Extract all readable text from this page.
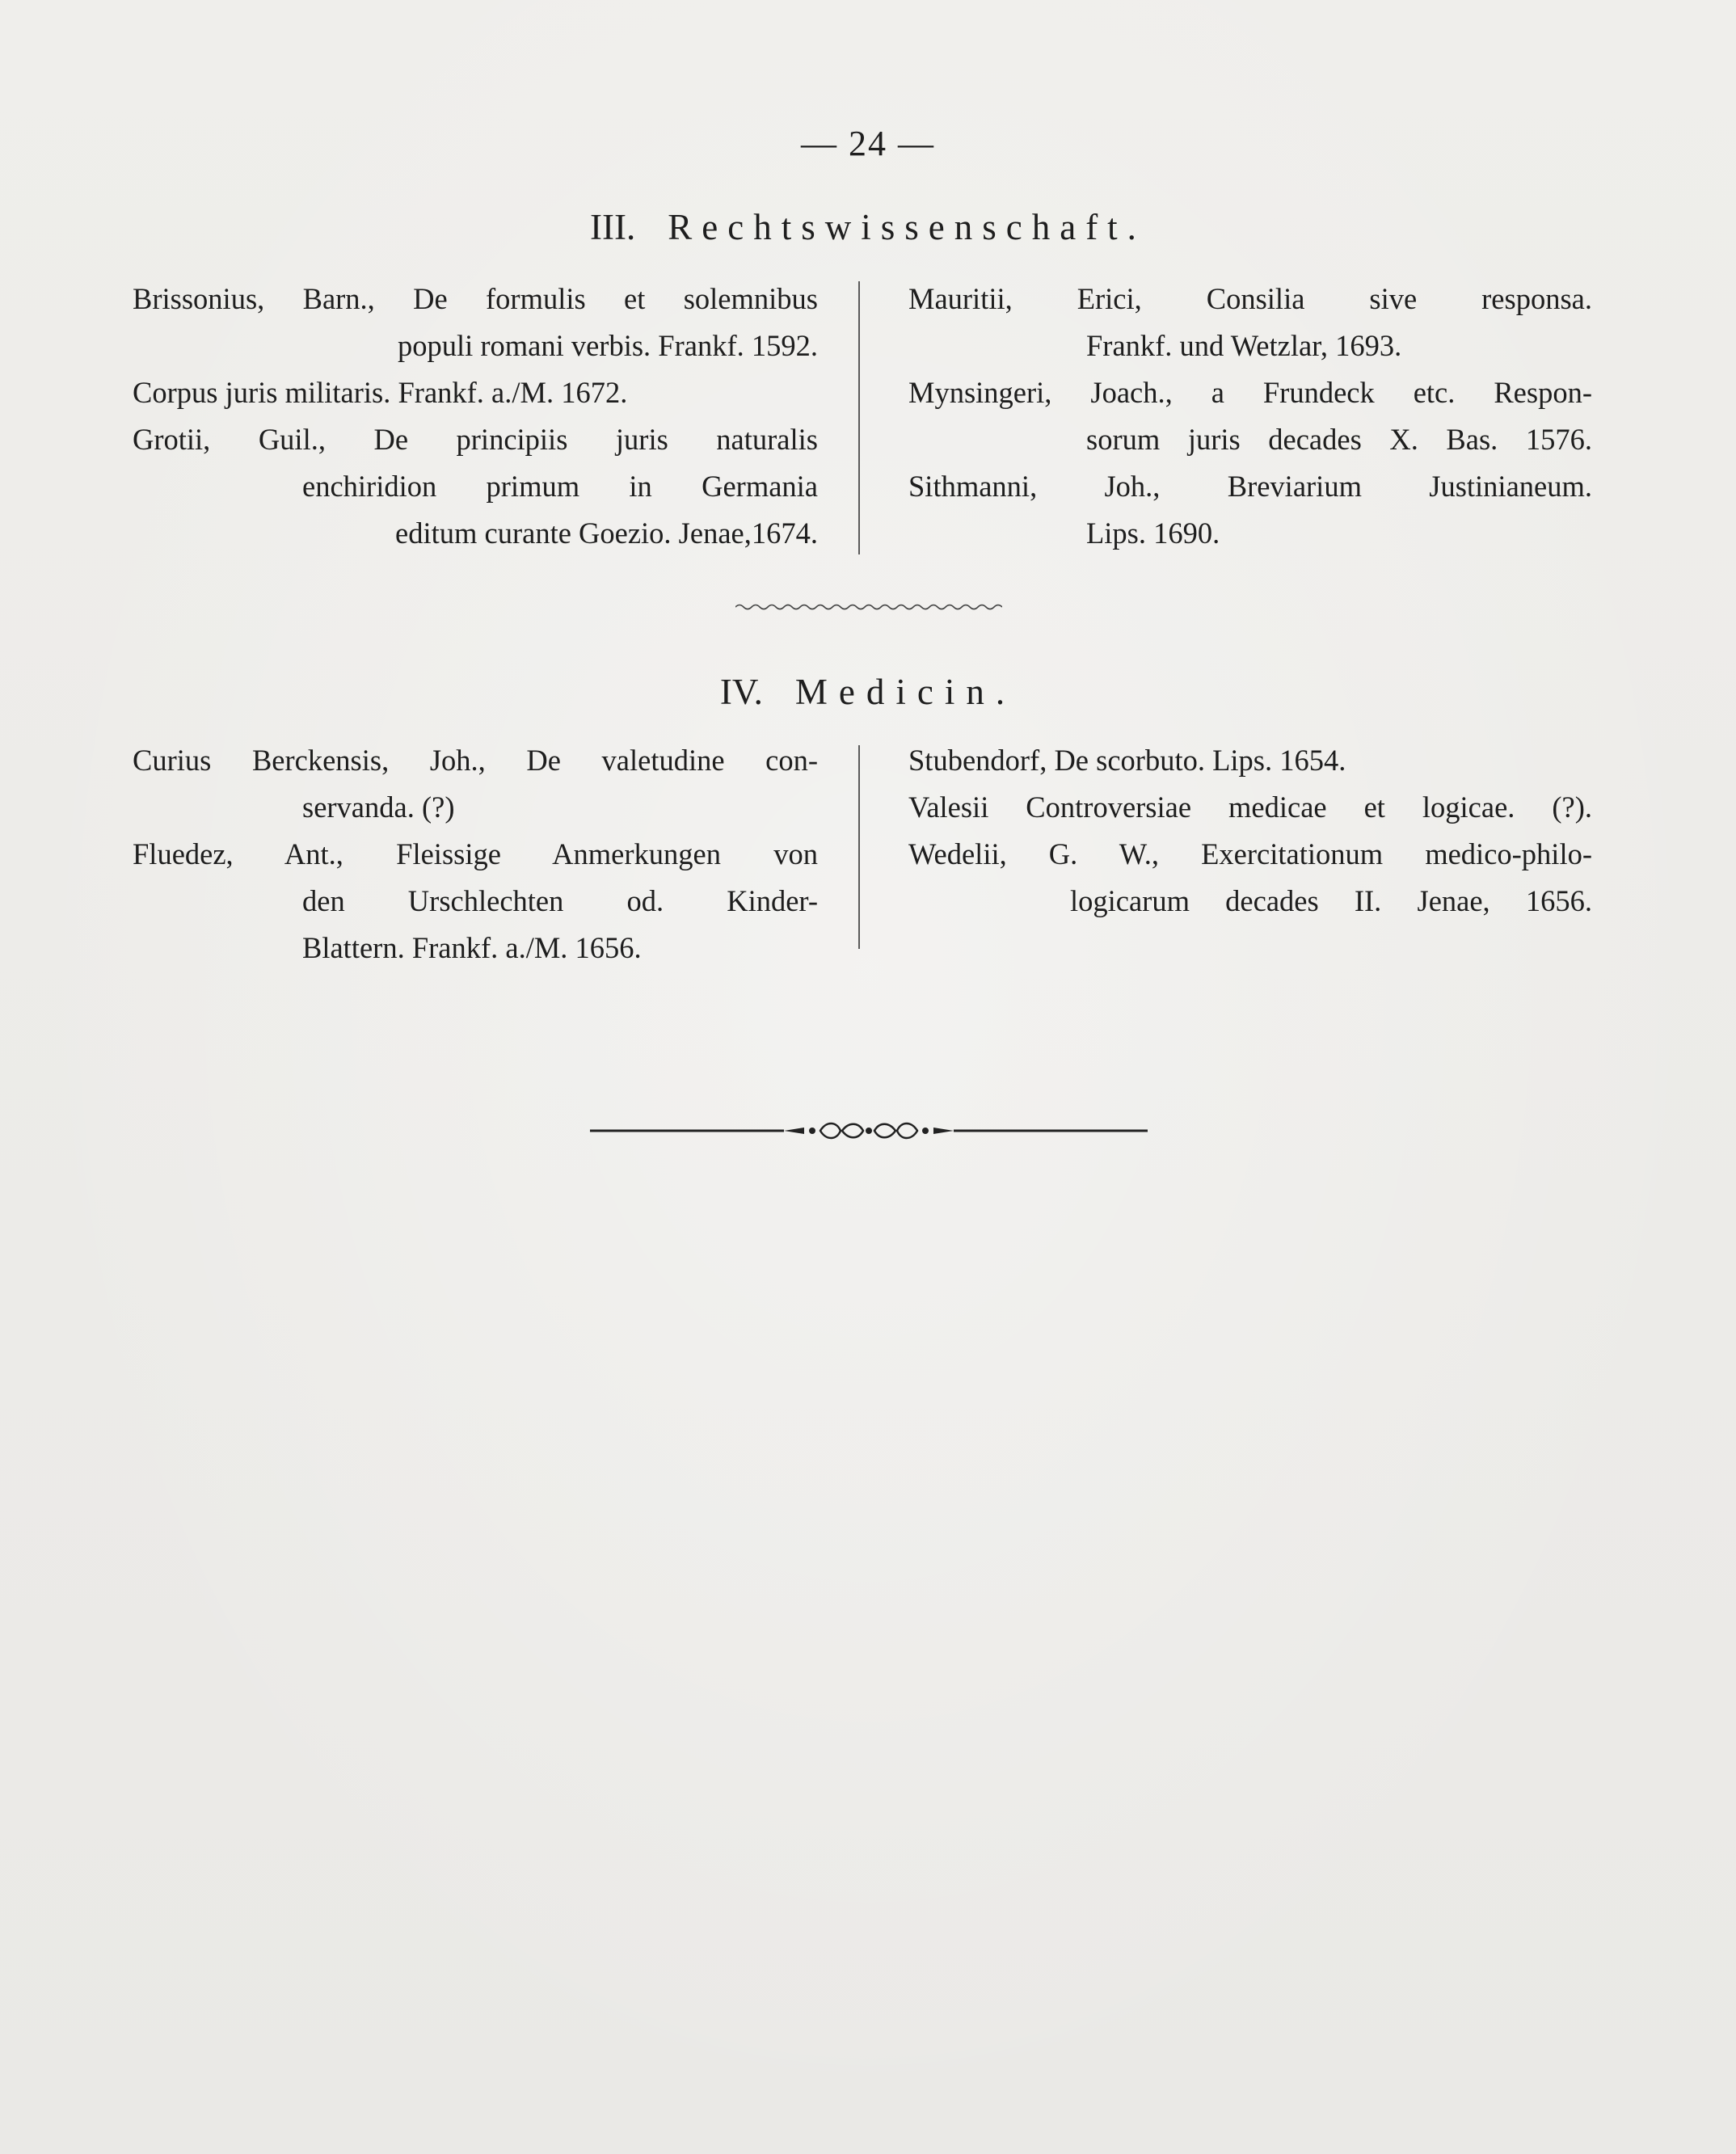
— 24 —
III. Rechtswissenschaft.

Brissonius, Barn., De formulis et solemnibus
populi romani verbis. Frankf. 1592.

Corpus juris militaris. Frankf. a./M. 1672.

Grotii, Guil., De principiis juris naturalis
enchiridion primum in Germania
editum curante Goezio. Jenae,1674.

Mauritii, Erici, Consilia sive responsa.
Frankf. und Wetzlar, 1693.

Mynsingeri, Joach., a Frundeck etc. Respon-
sorum juris decades X. Bas. 1576.

Sithmanni, Joh., Breviarium Justinianeum.
Lips. 1690.

IV. Medicin.

Curius Berckensis, Joh., De valetudine con-
servanda. (?)

Fluedez, Ant., Fleissige Anmerkungen von
den Urschlechten od. Kinder-
Blattern. Frankf. a./M. 1656.

Stubendorf, De scorbuto. Lips. 1654.

Valesii Controversiae medicae et logicae. (?).

Wedelii, G. W., Exercitationum medico-philo-
logicarum decades II. Jenae, 1656.
